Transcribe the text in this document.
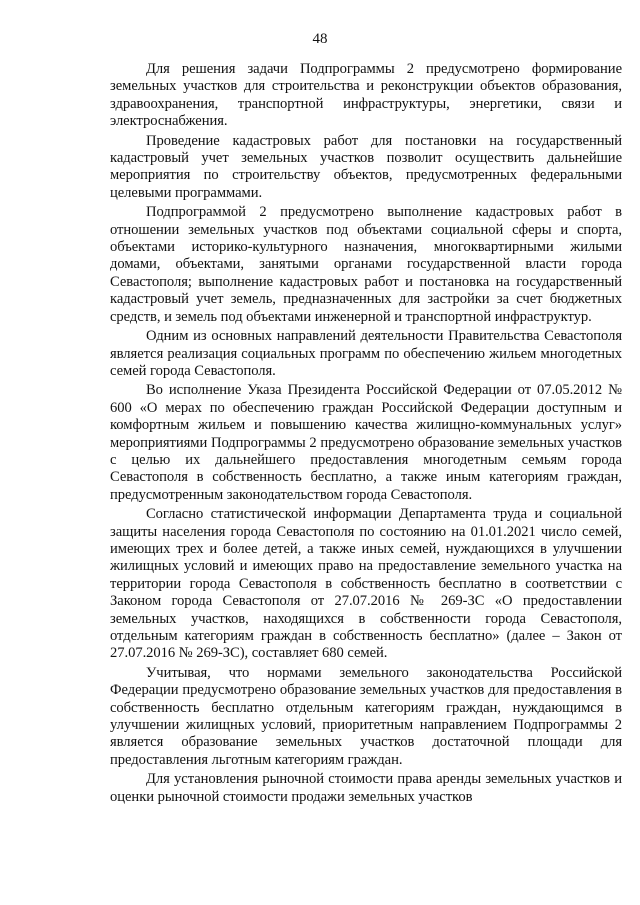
48

Для решения задачи Подпрограммы 2 предусмотрено формирование земельных участков для строительства и реконструкции объектов образования, здравоохранения, транспортной инфраструктуры, энергетики, связи и электроснабжения.

Проведение кадастровых работ для постановки на государственный кадастровый учет земельных участков позволит осуществить дальнейшие мероприятия по строительству объектов, предусмотренных федеральными целевыми программами.

Подпрограммой 2 предусмотрено выполнение кадастровых работ в отношении земельных участков под объектами социальной сферы и спорта, объектами историко-культурного назначения, многоквартирными жилыми домами, объектами, занятыми органами государственной власти города Севастополя; выполнение кадастровых работ и постановка на государственный кадастровый учет земель, предназначенных для застройки за счет бюджетных средств, и земель под объектами инженерной и транспортной инфраструктур.

Одним из основных направлений деятельности Правительства Севастополя является реализация социальных программ по обеспечению жильем многодетных семей города Севастополя.

Во исполнение Указа Президента Российской Федерации от 07.05.2012 № 600 «О мерах по обеспечению граждан Российской Федерации доступным и комфортным жильем и повышению качества жилищно-коммунальных услуг» мероприятиями Подпрограммы 2 предусмотрено образование земельных участков с целью их дальнейшего предоставления многодетным семьям города Севастополя в собственность бесплатно, а также иным категориям граждан, предусмотренным законодательством города Севастополя.

Согласно статистической информации Департамента труда и социальной защиты населения города Севастополя по состоянию на 01.01.2021 число семей, имеющих трех и более детей, а также иных семей, нуждающихся в улучшении жилищных условий и имеющих право на предоставление земельного участка на территории города Севастополя в собственность бесплатно в соответствии с Законом города Севастополя от 27.07.2016 № 269-ЗС «О предоставлении земельных участков, находящихся в собственности города Севастополя, отдельным категориям граждан в собственность бесплатно» (далее – Закон от 27.07.2016 № 269-ЗС), составляет 680 семей.

Учитывая, что нормами земельного законодательства Российской Федерации предусмотрено образование земельных участков для предоставления в собственность бесплатно отдельным категориям граждан, нуждающимся в улучшении жилищных условий, приоритетным направлением Подпрограммы 2 является образование земельных участков достаточной площади для предоставления льготным категориям граждан.

Для установления рыночной стоимости права аренды земельных участков и оценки рыночной стоимости продажи земельных участков
